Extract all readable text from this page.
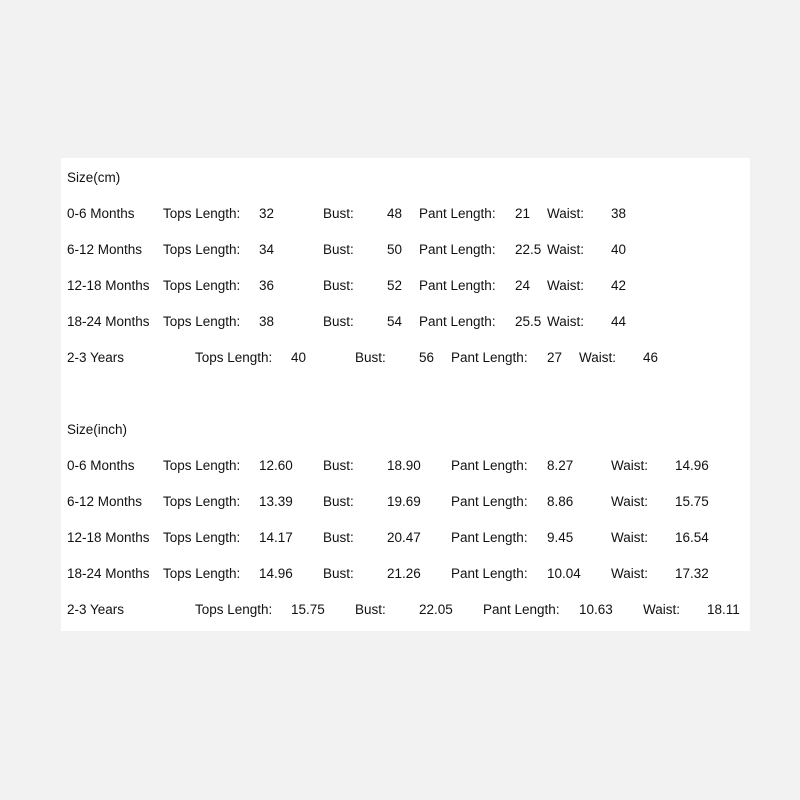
Size(cm)
0-6 Months Tops Length: 32	Bust: 48 Pant Length: 21 Waist: 38
6-12 Months Tops Length: 34	Bust: 50 Pant Length: 22.5 Waist: 40
12-18 Months Tops Length: 36	Bust: 52 Pant Length: 24 Waist: 42
18-24 Months Tops Length: 38	Bust: 54 Pant Length: 25.5 Waist: 44
2-3 Years	Tops Length: 40	Bust: 56 Pant Length: 27 Waist: 46
Size(inch)
0-6 Months Tops Length: 12.60 Bust: 18.90 Pant Length: 8.27	Waist: 14.96
6-12 Months Tops Length: 13.39 Bust: 19.69 Pant Length: 8.86	Waist: 15.75
12-18 Months Tops Length: 14.17 Bust: 20.47 Pant Length: 9.45	Waist: 16.54
18-24 Months Tops Length: 14.96 Bust: 21.26 Pant Length: 10.04 Waist: 17.32
2-3 Years	Tops Length: 15.75 Bust: 22.05 Pant Length: 10.63 Waist: 18.11
